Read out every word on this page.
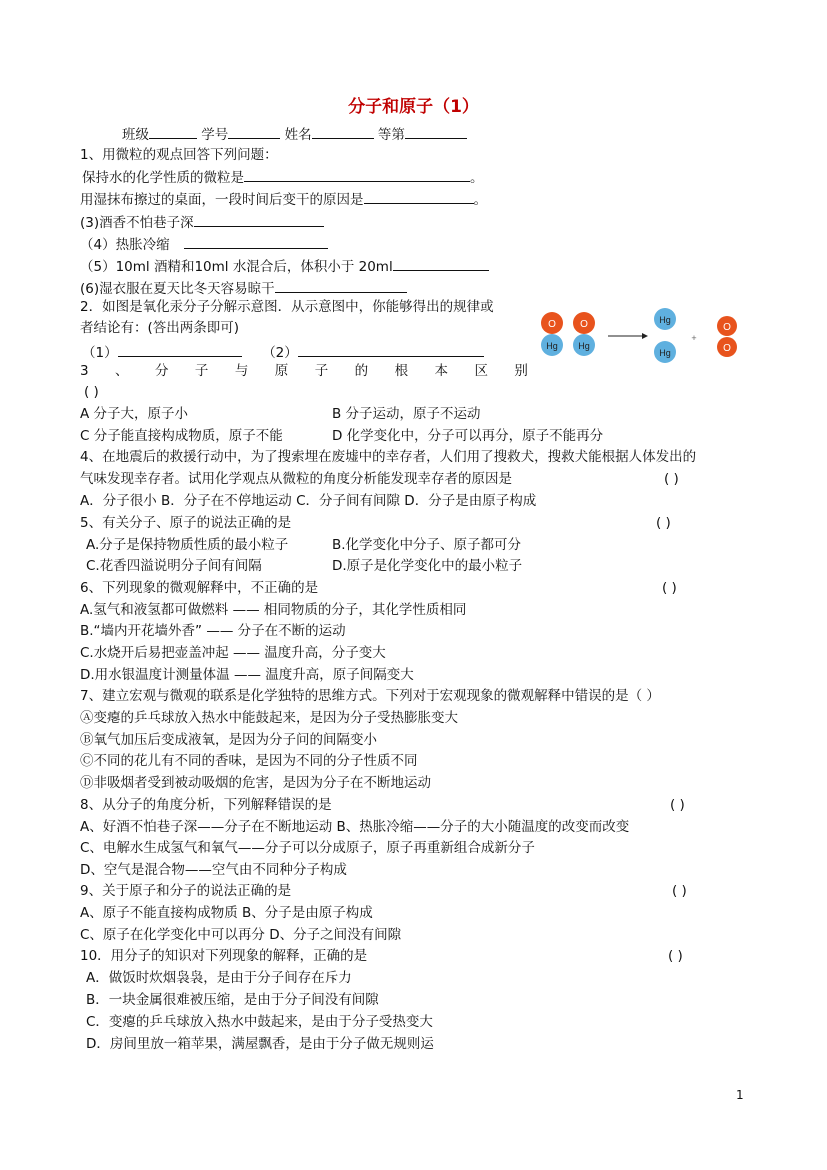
分子和原子（1）
班级	学号	姓名	等第
1、用微粒的观点回答下列问题：
保持水的化学性质的微粒是	。
用湿抹布擦过的桌面，一段时间后变干的原因是	。
(3)酒香不怕巷子深
（4）热胀冷缩
（5）10ml 酒精和10ml 水混合后，体积小于 20ml
(6)湿衣服在夏天比冬天容易晾干
2．如图是氧化汞分子分解示意图．从示意图中，你能够得出的规律或
者结论有：(答出两条即可)
（1）	（2）
O
Hg
O
Hg
Hg
Hg
+
O
O
3 、 分 子 与 原 子 的 根 本 区 别
( )
A 分子大，原子小	B 分子运动，原子不运动
C 分子能直接构成物质，原子不能	D 化学变化中，分子可以再分，原子不能再分
4、在地震后的救援行动中，为了搜索埋在废墟中的幸存者，人们用了搜救犬，搜救犬能根据人体发出的
气味发现幸存者。试用化学观点从微粒的角度分析能发现幸存者的原因是	( )
A．分子很小 B．分子在不停地运动 C．分子间有间隙 D．分子是由原子构成
5、有关分子、原子的说法正确的是	( )
A.分子是保持物质性质的最小粒子	B.化学变化中分子、原子都可分
C.花香四溢说明分子间有间隔	D.原子是化学变化中的最小粒子
6、下列现象的微观解释中，不正确的是	( )
A.氢气和液氢都可做燃料 —— 相同物质的分子，其化学性质相同
B.“墙内开花墙外香” —— 分子在不断的运动
C.水烧开后易把壶盖冲起 —— 温度升高，分子变大
D.用水银温度计测量体温 —— 温度升高，原子间隔变大
7、建立宏观与微观的联系是化学独特的思维方式。下列对于宏观现象的微观解释中错误的是（ ）
Ⓐ变瘪的乒乓球放入热水中能鼓起来，是因为分子受热膨胀变大
Ⓑ氧气加压后变成液氧，是因为分子问的间隔变小
Ⓒ不同的花儿有不同的香味，是因为不同的分子性质不同
Ⓓ非吸烟者受到被动吸烟的危害，是因为分子在不断地运动
8、从分子的角度分析，下列解释错误的是	( )
A、好酒不怕巷子深——分子在不断地运动 B、热胀冷缩——分子的大小随温度的改变而改变
C、电解水生成氢气和氧气——分子可以分成原子，原子再重新组合成新分子
D、空气是混合物——空气由不同种分子构成
9、关于原子和分子的说法正确的是	( )
A、原子不能直接构成物质 B、分子是由原子构成
C、原子在化学变化中可以再分 D、分子之间没有间隙
10．用分子的知识对下列现象的解释，正确的是	( )
A．做饭时炊烟袅袅，是由于分子间存在斥力
B．一块金属很难被压缩，是由于分子间没有间隙
C．变瘪的乒乓球放入热水中鼓起来，是由于分子受热变大
D．房间里放一箱苹果，满屋飘香，是由于分子做无规则运
1
